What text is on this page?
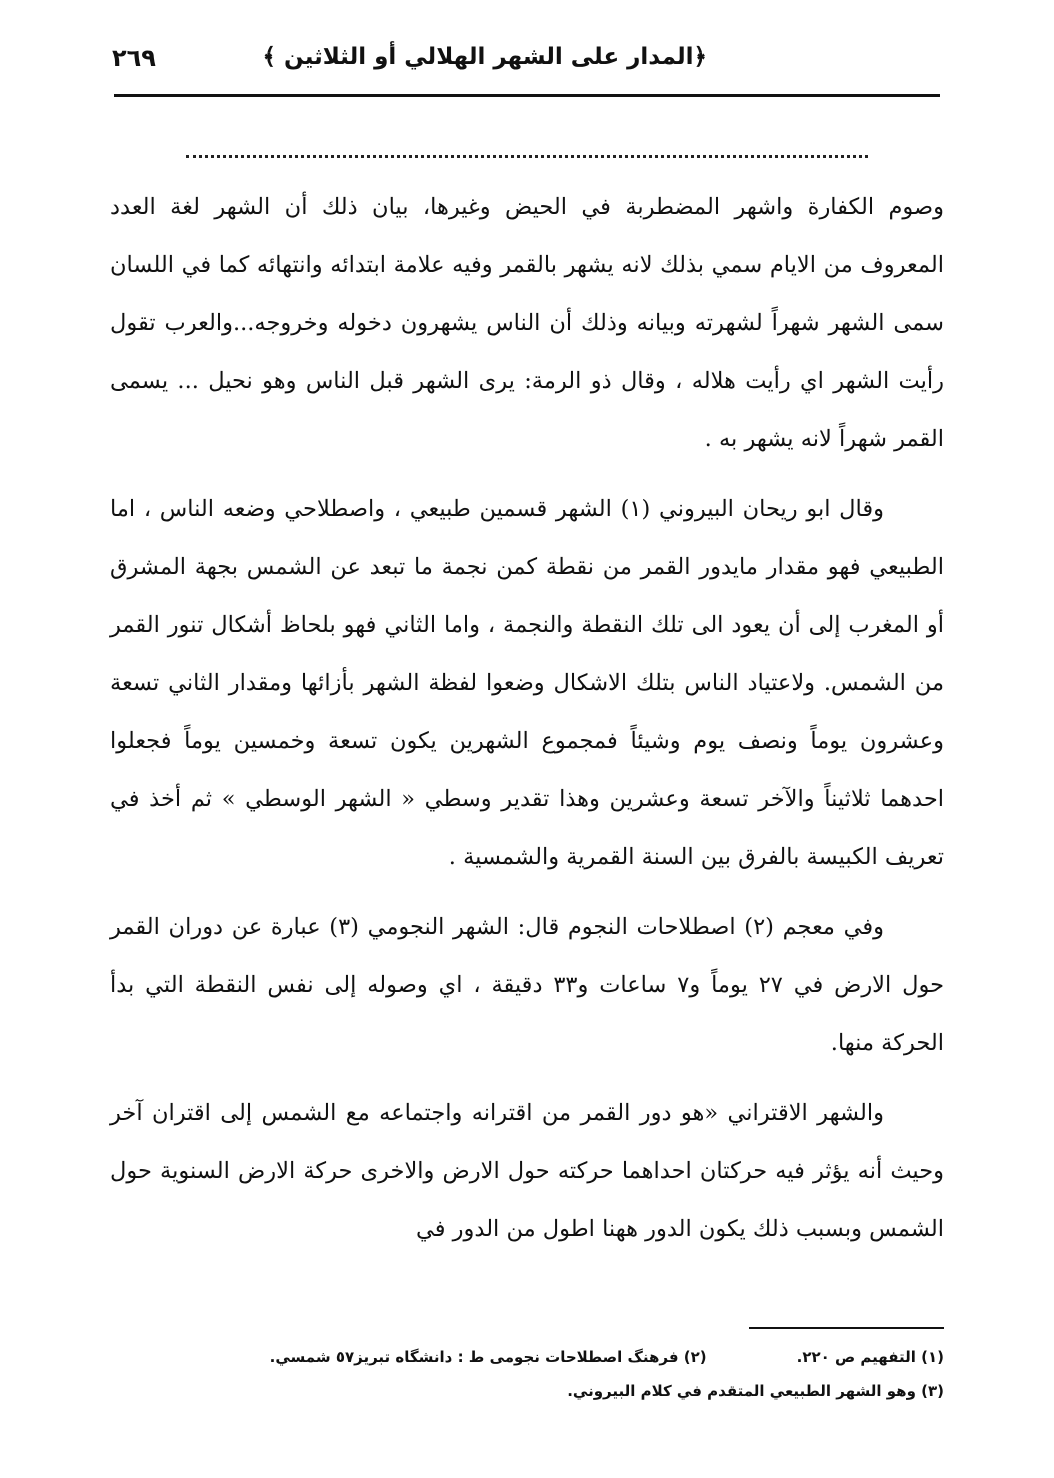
﴿المدار على الشهر الهلالي أو الثلاثين ﴾
٢٦٩

وصوم الكفارة واشهر المضطربة في الحيض وغيرها، بيان ذلك أن الشهر لغة العدد المعروف من الايام سمي بذلك لانه يشهر بالقمر وفيه علامة ابتدائه وانتهائه كما في اللسان سمى الشهر شهراً لشهرته وبيانه وذلك أن الناس يشهرون دخوله وخروجه...والعرب تقول رأيت الشهر اي رأيت هلاله ، وقال ذو الرمة: يرى الشهر قبل الناس وهو نحيل ... يسمى القمر شهراً لانه يشهر به .

وقال ابو ريحان البيروني (١) الشهر قسمين طبيعي ، واصطلاحي وضعه الناس ، اما الطبيعي فهو مقدار مايدور القمر من نقطة كمن نجمة ما تبعد عن الشمس بجهة المشرق أو المغرب إلى أن يعود الى تلك النقطة والنجمة ، واما الثاني فهو بلحاظ أشكال تنور القمر من الشمس. ولاعتياد الناس بتلك الاشكال وضعوا لفظة الشهر بأزائها ومقدار الثاني تسعة وعشرون يوماً ونصف يوم وشيئاً فمجموع الشهرين يكون تسعة وخمسين يوماً فجعلوا احدهما ثلاثيناً والآخر تسعة وعشرين وهذا تقدير وسطي « الشهر الوسطي » ثم أخذ في تعريف الكبيسة بالفرق بين السنة القمرية والشمسية .

وفي معجم (٢) اصطلاحات النجوم قال: الشهر النجومي (٣) عبارة عن دوران القمر حول الارض في ٢٧ يوماً و٧ ساعات و٣٣ دقيقة ، اي وصوله إلى نفس النقطة التي بدأ الحركة منها.

والشهر الاقتراني «هو دور القمر من اقترانه واجتماعه مع الشمس إلى اقتران آخر وحيث أنه يؤثر فيه حركتان احداهما حركته حول الارض والاخرى حركة الارض السنوية حول الشمس وبسبب ذلك يكون الدور ههنا اطول من الدور في

(١) التفهيم ص ٢٢٠.(٢) فرهنگ اصطلاحات نجومى ط : دانشگاه تبريز٥٧ شمسي.
(٣) وهو الشهر الطبيعي المتقدم في كلام البيروني.
